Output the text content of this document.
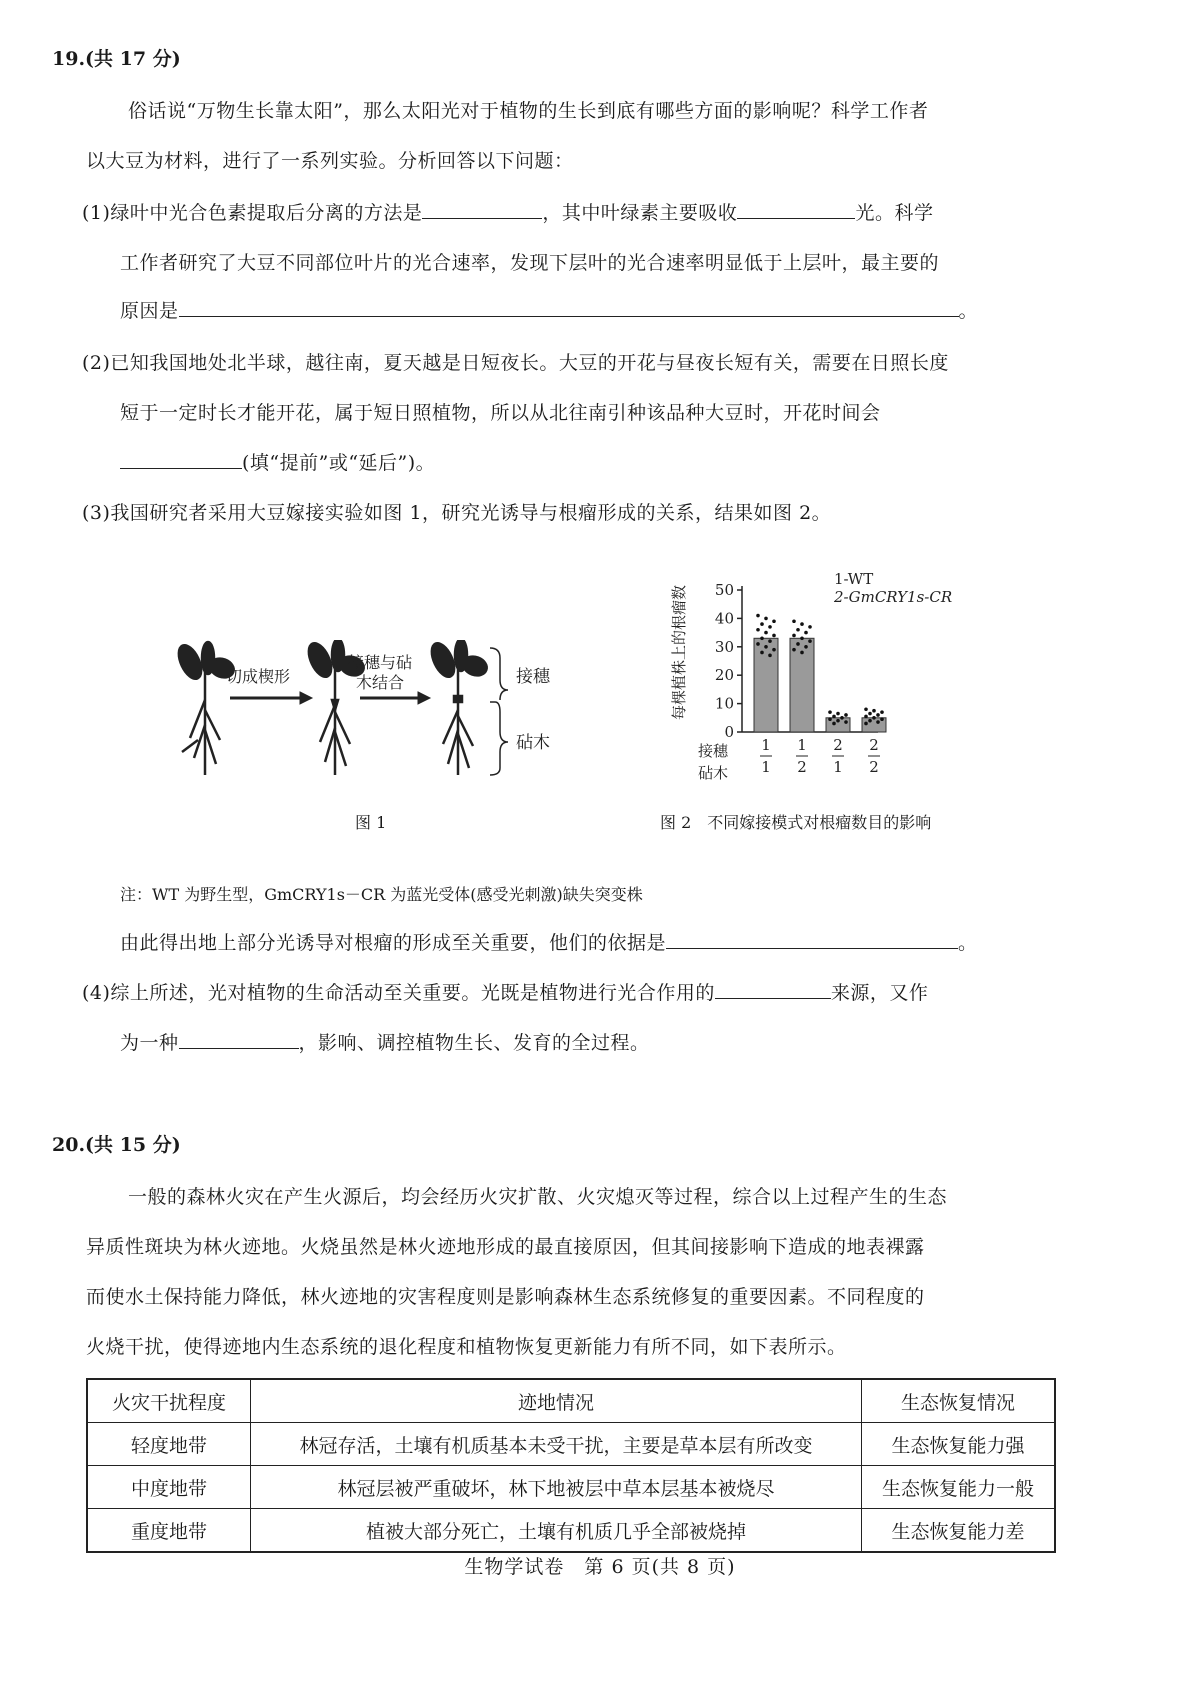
19.(共 17 分)
俗话说“万物生长靠太阳”，那么太阳光对于植物的生长到底有哪些方面的影响呢？科学工作者
以大豆为材料，进行了一系列实验。分析回答以下问题：
(1)绿叶中光合色素提取后分离的方法是	，其中叶绿素主要吸收	光。科学
工作者研究了大豆不同部位叶片的光合速率，发现下层叶的光合速率明显低于上层叶，最主要的
原因是	。
(2)已知我国地处北半球，越往南，夏天越是日短夜长。大豆的开花与昼夜长短有关，需要在日照长度
短于一定时长才能开花，属于短日照植物，所以从北往南引种该品种大豆时，开花时间会
(填“提前”或“延后”)。
(3)我国研究者采用大豆嫁接实验如图 1，研究光诱导与根瘤形成的关系，结果如图 2。
切成楔形
接穗与砧
木结合	接穗
砧木
图 1
每棵植株上的根瘤数
0
10
20
30
40
50
1
1
1
2
2
1
2
2
1-WT
2-GmCRY1s-CR
接穗
砧木
图 2　不同嫁接模式对根瘤数目的影响
注：WT 为野生型，GmCRY1s－CR 为蓝光受体(感受光刺激)缺失突变株
由此得出地上部分光诱导对根瘤的形成至关重要，他们的依据是	。
(4)综上所述，光对植物的生命活动至关重要。光既是植物进行光合作用的	来源，又作
为一种	，影响、调控植物生长、发育的全过程。
20.(共 15 分)
一般的森林火灾在产生火源后，均会经历火灾扩散、火灾熄灭等过程，综合以上过程产生的生态
异质性斑块为林火迹地。火烧虽然是林火迹地形成的最直接原因，但其间接影响下造成的地表裸露
而使水土保持能力降低，林火迹地的灾害程度则是影响森林生态系统修复的重要因素。不同程度的
火烧干扰，使得迹地内生态系统的退化程度和植物恢复更新能力有所不同，如下表所示。
火灾干扰程度	迹地情况	生态恢复情况
轻度地带	林冠存活，土壤有机质基本未受干扰，主要是草本层有所改变	生态恢复能力强
中度地带	林冠层被严重破坏，林下地被层中草本层基本被烧尽	生态恢复能力一般
重度地带	植被大部分死亡，土壤有机质几乎全部被烧掉	生态恢复能力差
生物学试卷　第 6 页(共 8 页)
